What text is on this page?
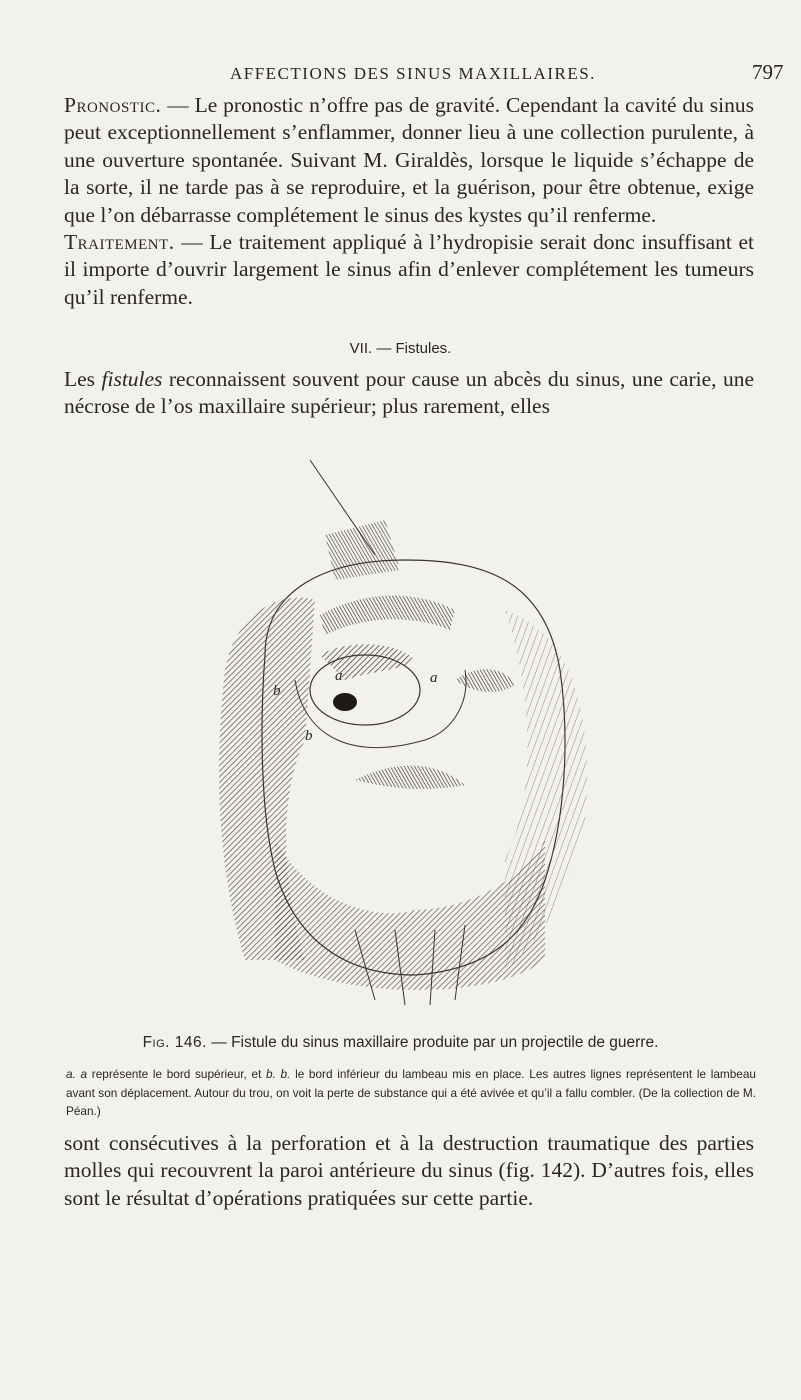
AFFECTIONS DES SINUS MAXILLAIRES.	797

Pronostic. — Le pronostic n’offre pas de gravité. Cependant la cavité du sinus peut exceptionnellement s’enflammer, donner lieu à une collection purulente, à une ouverture spontanée. Suivant M. Giraldès, lorsque le liquide s’échappe de la sorte, il ne tarde pas à se reproduire, et la guérison, pour être obtenue, exige que l’on débarrasse complétement le sinus des kystes qu’il renferme.
Traitement. — Le traitement appliqué à l’hydropisie serait donc insuffisant et il importe d’ouvrir largement le sinus afin d’enlever complétement les tumeurs qu’il renferme.

VII. — Fistules.

Les fistules reconnaissent souvent pour cause un abcès du sinus, une carie, une nécrose de l’os maxillaire supérieur; plus rarement, elles

a	a
b
b
Fig. 146. — Fistule du sinus maxillaire produite par un projectile de guerre.

a. a représente le bord supérieur, et b. b. le bord inférieur du lambeau mis en place. Les autres lignes représentent le lambeau avant son déplacement. Autour du trou, on voit la perte de substance qui a été avivée et qu’il a fallu combler. (De la collection de M. Péan.)

sont consécutives à la perforation et à la destruction traumatique des parties molles qui recouvrent la paroi antérieure du sinus (fig. 142). D’autres fois, elles sont le résultat d’opérations pratiquées sur cette partie.
